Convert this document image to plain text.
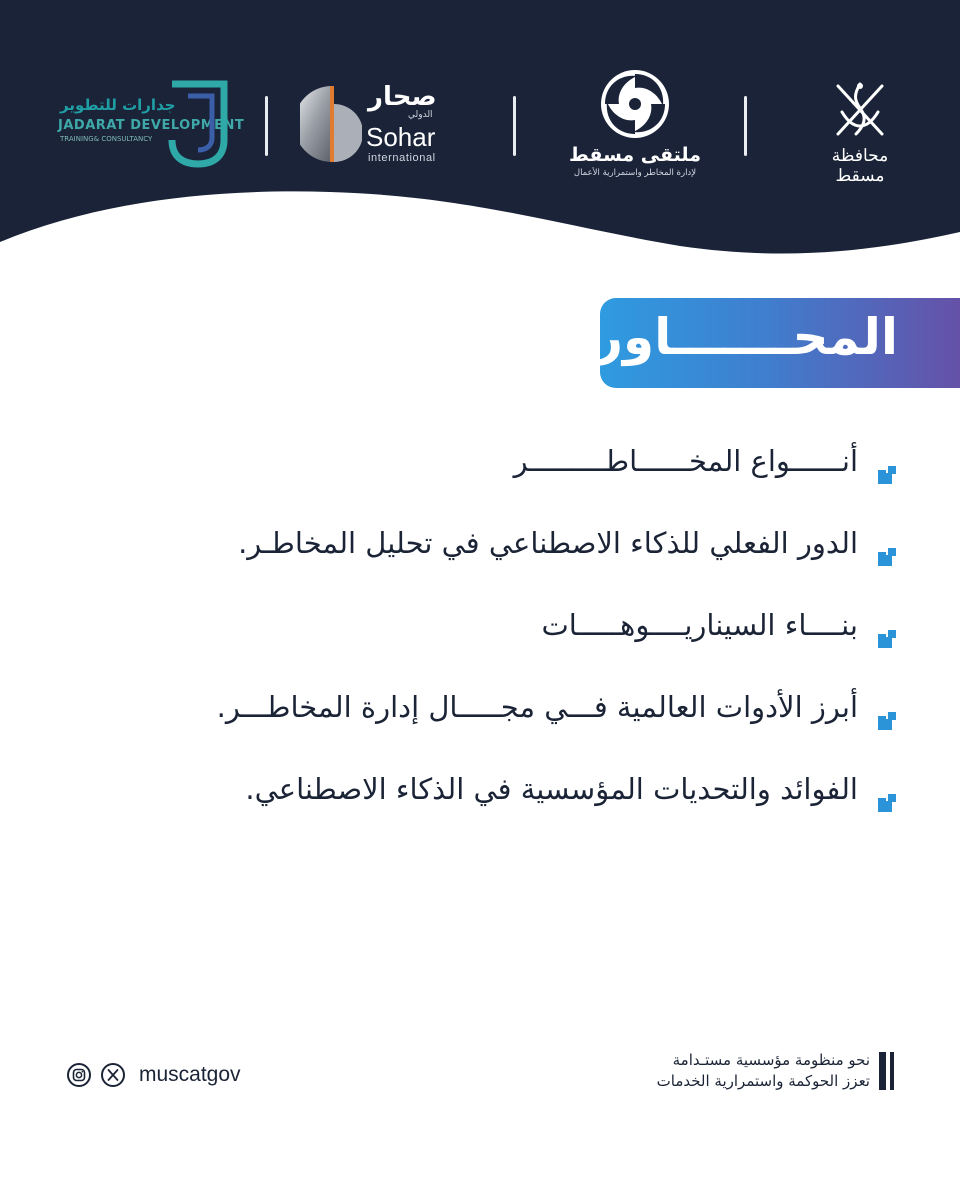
جدارات للتطوير
JADARAT DEVELOPMENT
TRAINING& CONSULTANCY
صحار
الدولي
Sohar
international	ملتقى مسقط
لإدارة المخاطر واستمرارية الأعمال
محافظة مسقط
المحـــــــاور:
أنــــــواع المخــــــاطـــــــــر
الدور الفعلي للذكاء الاصطناعي في تحليل المخاطـر.
بنــــاء السيناريــــوهـــــات
أبرز الأدوات العالمية فـــي مجـــــال إدارة المخاطـــر.
الفوائد والتحديات المؤسسية في الذكاء الاصطناعي.
muscatgov
نحو منظومة مؤسسية مستـدامة
تعزز الحوكمة واستمرارية الخدمات
